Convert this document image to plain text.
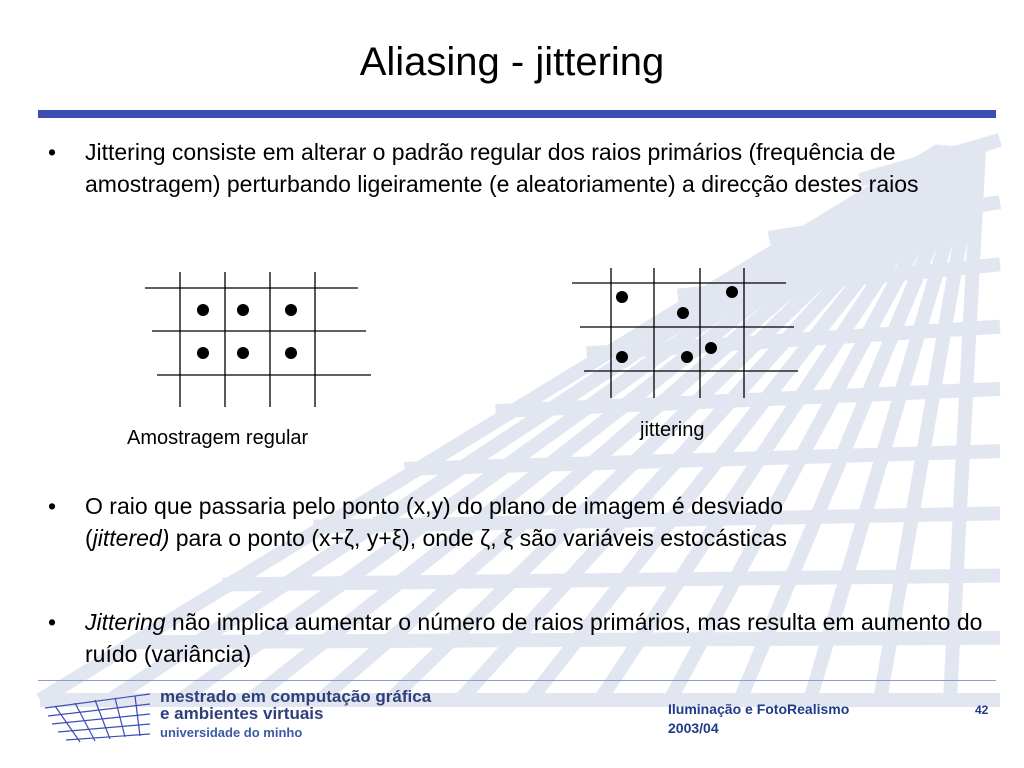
Aliasing - jittering
• Jittering consiste em alterar o padrão regular dos raios primários (frequência de amostragem) perturbando ligeiramente (e aleatoriamente) a direcção destes raios
Amostragem regular	jittering
• O raio que passaria pelo ponto (x,y) do plano de imagem é desviado
(jittered) para o ponto (x+ζ, y+ξ), onde ζ, ξ são variáveis estocásticas
• Jittering não implica aumentar o número de raios primários, mas resulta em aumento do ruído (variância)
mestrado em computação gráfica
e ambientes virtuais
universidade do minho
Iluminação e FotoRealismo
2003/04
42
